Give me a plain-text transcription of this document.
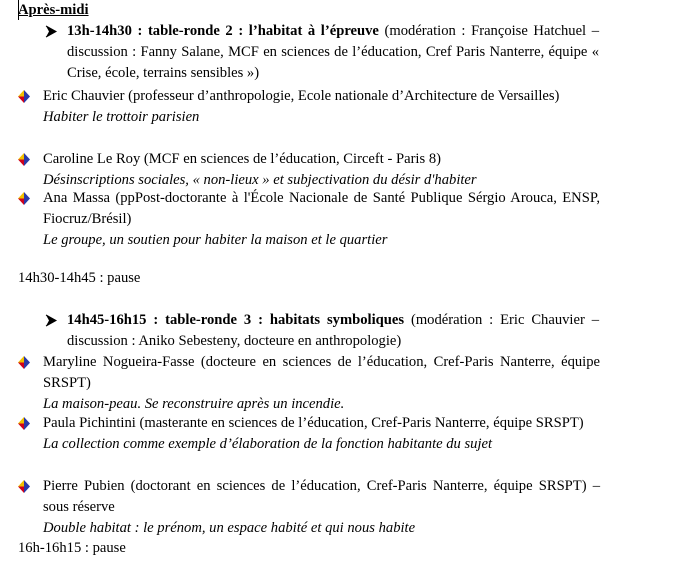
Après-midi
13h-14h30 : table-ronde 2 : l’habitat à l’épreuve (modération : Françoise Hatchuel – discussion : Fanny Salane, MCF en sciences de l’éducation, Cref Paris Nanterre, équipe « Crise, école, terrains sensibles »)
Eric Chauvier (professeur d’anthropologie, Ecole nationale d’Architecture de Versailles)
Habiter le trottoir parisien
Caroline Le Roy (MCF en sciences de l’éducation, Circeft - Paris 8)
Désinscriptions sociales, « non-lieux » et subjectivation du désir d'habiter
Ana Massa (ppPost-doctorante à l'École Nacionale de Santé Publique Sérgio Arouca, ENSP, Fiocruz/Brésil)
Le groupe, un soutien pour habiter la maison et le quartier
14h30-14h45 : pause
14h45-16h15 : table-ronde 3 : habitats symboliques (modération : Eric Chauvier – discussion : Aniko Sebesteny, docteure en anthropologie)
Maryline Nogueira-Fasse (docteure en sciences de l’éducation, Cref-Paris Nanterre, équipe SRSPT)
La maison-peau. Se reconstruire après un incendie.
Paula Pichintini (masterante en sciences de l’éducation, Cref-Paris Nanterre, équipe SRSPT)
La collection comme exemple d’élaboration de la fonction habitante du sujet
Pierre Pubien (doctorant en sciences de l’éducation, Cref-Paris Nanterre, équipe SRSPT) – sous réserve
Double habitat : le prénom, un espace habité et qui nous habite
16h-16h15 : pause
